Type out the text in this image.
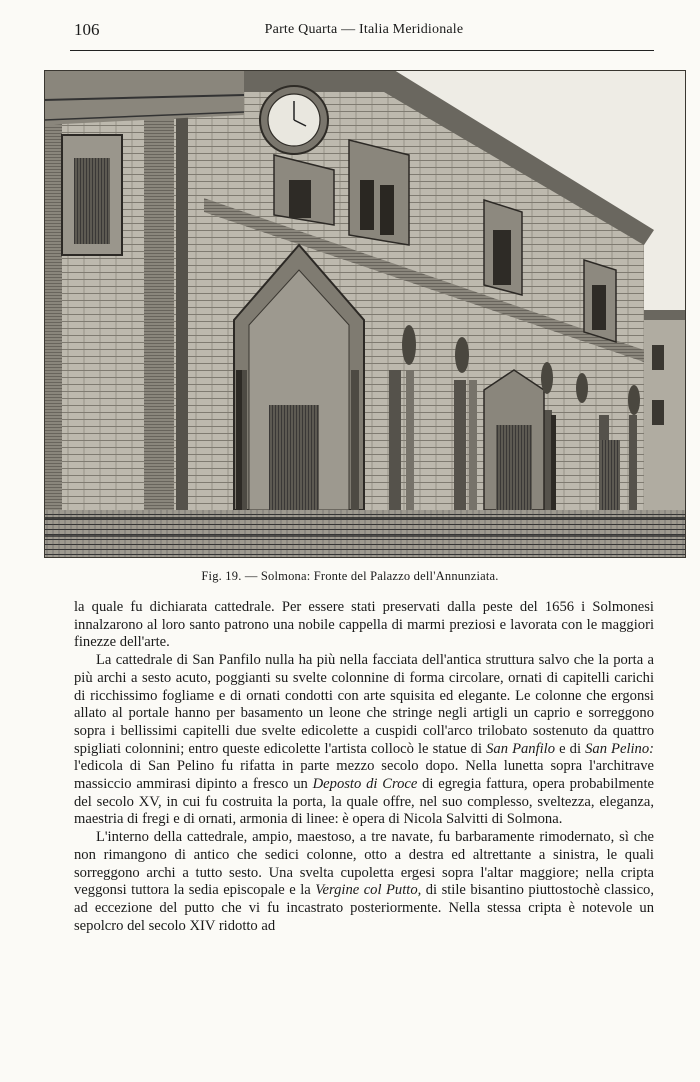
106	Parte Quarta — Italia Meridionale
Fig. 19. — Solmona: Fronte del Palazzo dell'Annunziata.

la quale fu dichiarata cattedrale. Per essere stati preservati dalla peste del 1656 i Solmonesi innalzarono al loro santo patrono una nobile cappella di marmi preziosi e lavorata con le maggiori finezze dell'arte.

La cattedrale di San Panfilo nulla ha più nella facciata dell'antica struttura salvo che la porta a più archi a sesto acuto, poggianti su svelte colonnine di forma circolare, ornati di capitelli carichi di ricchissimo fogliame e di ornati condotti con arte squisita ed elegante. Le colonne che ergonsi allato al portale hanno per basamento un leone che stringe negli artigli un caprio e sorreggono sopra i bellissimi capitelli due svelte edicolette a cuspidi coll'arco trilobato sostenuto da quattro spigliati colonnini; entro queste edicolette l'artista collocò le statue di San Panfilo e di San Pelino: l'edicola di San Pelino fu rifatta in parte mezzo secolo dopo. Nella lunetta sopra l'architrave massiccio ammirasi dipinto a fresco un Deposto di Croce di egregia fattura, opera probabilmente del secolo XV, in cui fu costruita la porta, la quale offre, nel suo complesso, sveltezza, eleganza, maestria di fregi e di ornati, armonia di linee: è opera di Nicola Salvitti di Solmona.

L'interno della cattedrale, ampio, maestoso, a tre navate, fu barbaramente rimodernato, sì che non rimangono di antico che sedici colonne, otto a destra ed altrettante a sinistra, le quali sorreggono archi a tutto sesto. Una svelta cupoletta ergesi sopra l'altar maggiore; nella cripta veggonsi tuttora la sedia episcopale e la Vergine col Putto, di stile bisantino piuttostochè classico, ad eccezione del putto che vi fu incastrato posteriormente. Nella stessa cripta è notevole un sepolcro del secolo XIV ridotto ad
